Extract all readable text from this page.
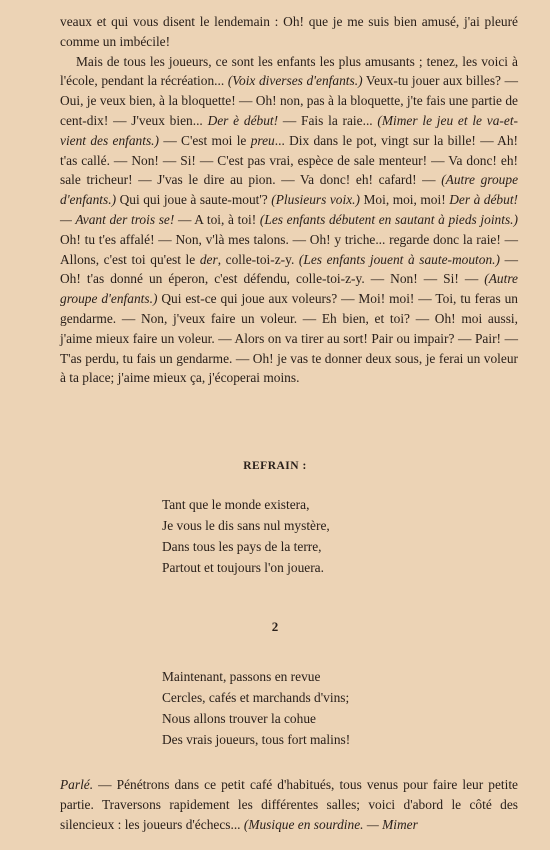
veaux et qui vous disent le lendemain : Oh! que je me suis bien amusé, j'ai pleuré comme un imbécile!

Mais de tous les joueurs, ce sont les enfants les plus amusants ; tenez, les voici à l'école, pendant la récréation... (Voix diverses d'enfants.) Veux-tu jouer aux billes? — Oui, je veux bien, à la bloquette! — Oh! non, pas à la bloquette, j'te fais une partie de cent-dix! — J'veux bien... Der è début! — Fais la raie... (Mimer le jeu et le va-et-vient des enfants.) — C'est moi le preu... Dix dans le pot, vingt sur la bille! — Ah! t'as callé. — Non! — Si! — C'est pas vrai, espèce de sale menteur! — Va donc! eh! sale tricheur! — J'vas le dire au pion. — Va donc! eh! cafard! — (Autre groupe d'enfants.) Qui qui joue à saute-mout'? (Plusieurs voix.) Moi, moi, moi! Der à début! — Avant der trois se! — A toi, à toi! (Les enfants débutent en sautant à pieds joints.) Oh! tu t'es affalé! — Non, v'là mes talons. — Oh! y triche... regarde donc la raie! — Allons, c'est toi qu'est le der, colle-toi-z-y. (Les enfants jouent à saute-mouton.) — Oh! t'as donné un éperon, c'est défendu, colle-toi-z-y. — Non! — Si! — (Autre groupe d'enfants.) Qui est-ce qui joue aux voleurs? — Moi! moi! — Toi, tu feras un gendarme. — Non, j'veux faire un voleur. — Eh bien, et toi? — Oh! moi aussi, j'aime mieux faire un voleur. — Alors on va tirer au sort! Pair ou impair? — Pair! — T'as perdu, tu fais un gendarme. — Oh! je vas te donner deux sous, je ferai un voleur à ta place; j'aime mieux ça, j'écoperai moins.

REFRAIN :
Tant que le monde existera,
Je vous le dis sans nul mystère,
Dans tous les pays de la terre,
Partout et toujours l'on jouera.
2
Maintenant, passons en revue
Cercles, cafés et marchands d'vins;
Nous allons trouver la cohue
Des vrais joueurs, tous fort malins!

Parlé. — Pénétrons dans ce petit café d'habitués, tous venus pour faire leur petite partie. Traversons rapidement les différentes salles; voici d'abord le côté des silencieux : les joueurs d'échecs... (Musique en sourdine. — Mimer
